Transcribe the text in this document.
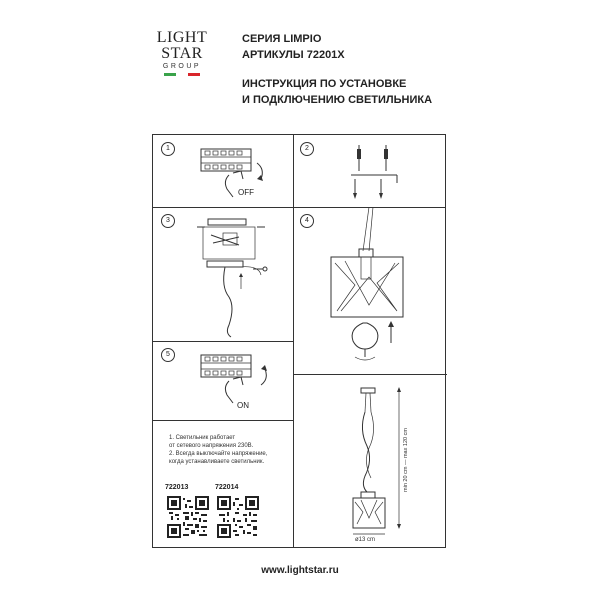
LIGHT
STAR
GROUP
СЕРИЯ LIMPIO
АРТИКУЛЫ 72201X
ИНСТРУКЦИЯ ПО УСТАНОВКЕ
И ПОДКЛЮЧЕНИЮ СВЕТИЛЬНИКА
1
OFF
2
3	4
5
ON
1. Светильник работает
от сетевого напряжения 230В.
2. Всегда выключайте напряжение,
когда устанавливаете светильник.
722013	722014	min 20 cm — max 120 cm
ø13 cm
www.lightstar.ru
